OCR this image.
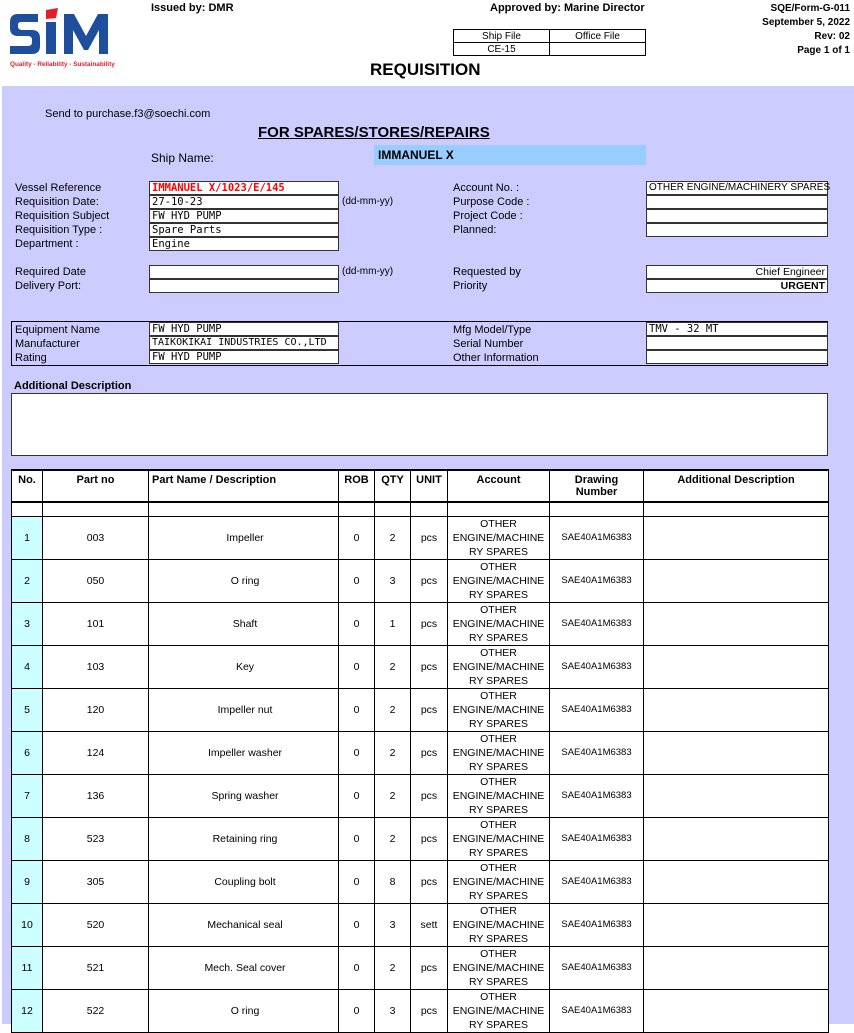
Quality - Reliability - Sustainability
Issued by: DMR	Approved by: Marine Director	SQE/Form-G-011
September 5, 2022
Rev: 02
Page 1 of 1
Ship File	Office File
CE-15	
REQUISITION
Send to purchase.f3@soechi.com
FOR SPARES/STORES/REPAIRS
Ship Name:	IMMANUEL X
Vessel Reference	IMMANUEL X/1023/E/145
Requisition Date:	27-10-23	(dd-mm-yy)
Requisition Subject	FW HYD PUMP
Requisition Type :	Spare Parts
Department :	Engine
Required Date	(dd-mm-yy)
Delivery Port:
Account No. :	OTHER ENGINE/MACHINERY SPARES
Purpose Code :
Project Code :
Planned:
Requested by	Chief Engineer
Priority	URGENT
Equipment Name	FW HYD PUMP
Manufacturer	TAIKOKIKAI INDUSTRIES CO.,LTD
Rating	FW HYD PUMP
Mfg Model/Type	TMV - 32 MT
Serial Number
Other Information
Additional Description
No.	Part no	Part Name / Description	ROB	QTY	UNIT	Account	Drawing
Number	Additional Description

1	003	Impeller	0	2	pcs	OTHER
ENGINE/MACHINE
RY SPARES	SAE40A1M6383	
2	050	O ring	0	3	pcs	OTHER
ENGINE/MACHINE
RY SPARES	SAE40A1M6383	
3	101	Shaft	0	1	pcs	OTHER
ENGINE/MACHINE
RY SPARES	SAE40A1M6383	
4	103	Key	0	2	pcs	OTHER
ENGINE/MACHINE
RY SPARES	SAE40A1M6383	
5	120	Impeller nut	0	2	pcs	OTHER
ENGINE/MACHINE
RY SPARES	SAE40A1M6383	
6	124	Impeller washer	0	2	pcs	OTHER
ENGINE/MACHINE
RY SPARES	SAE40A1M6383	
7	136	Spring washer	0	2	pcs	OTHER
ENGINE/MACHINE
RY SPARES	SAE40A1M6383	
8	523	Retaining ring	0	2	pcs	OTHER
ENGINE/MACHINE
RY SPARES	SAE40A1M6383	
9	305	Coupling bolt	0	8	pcs	OTHER
ENGINE/MACHINE
RY SPARES	SAE40A1M6383	
10	520	Mechanical seal	0	3	sett	OTHER
ENGINE/MACHINE
RY SPARES	SAE40A1M6383	
11	521	Mech. Seal cover	0	2	pcs	OTHER
ENGINE/MACHINE
RY SPARES	SAE40A1M6383	
12	522	O ring	0	3	pcs	OTHER
ENGINE/MACHINE
RY SPARES	SAE40A1M6383	
